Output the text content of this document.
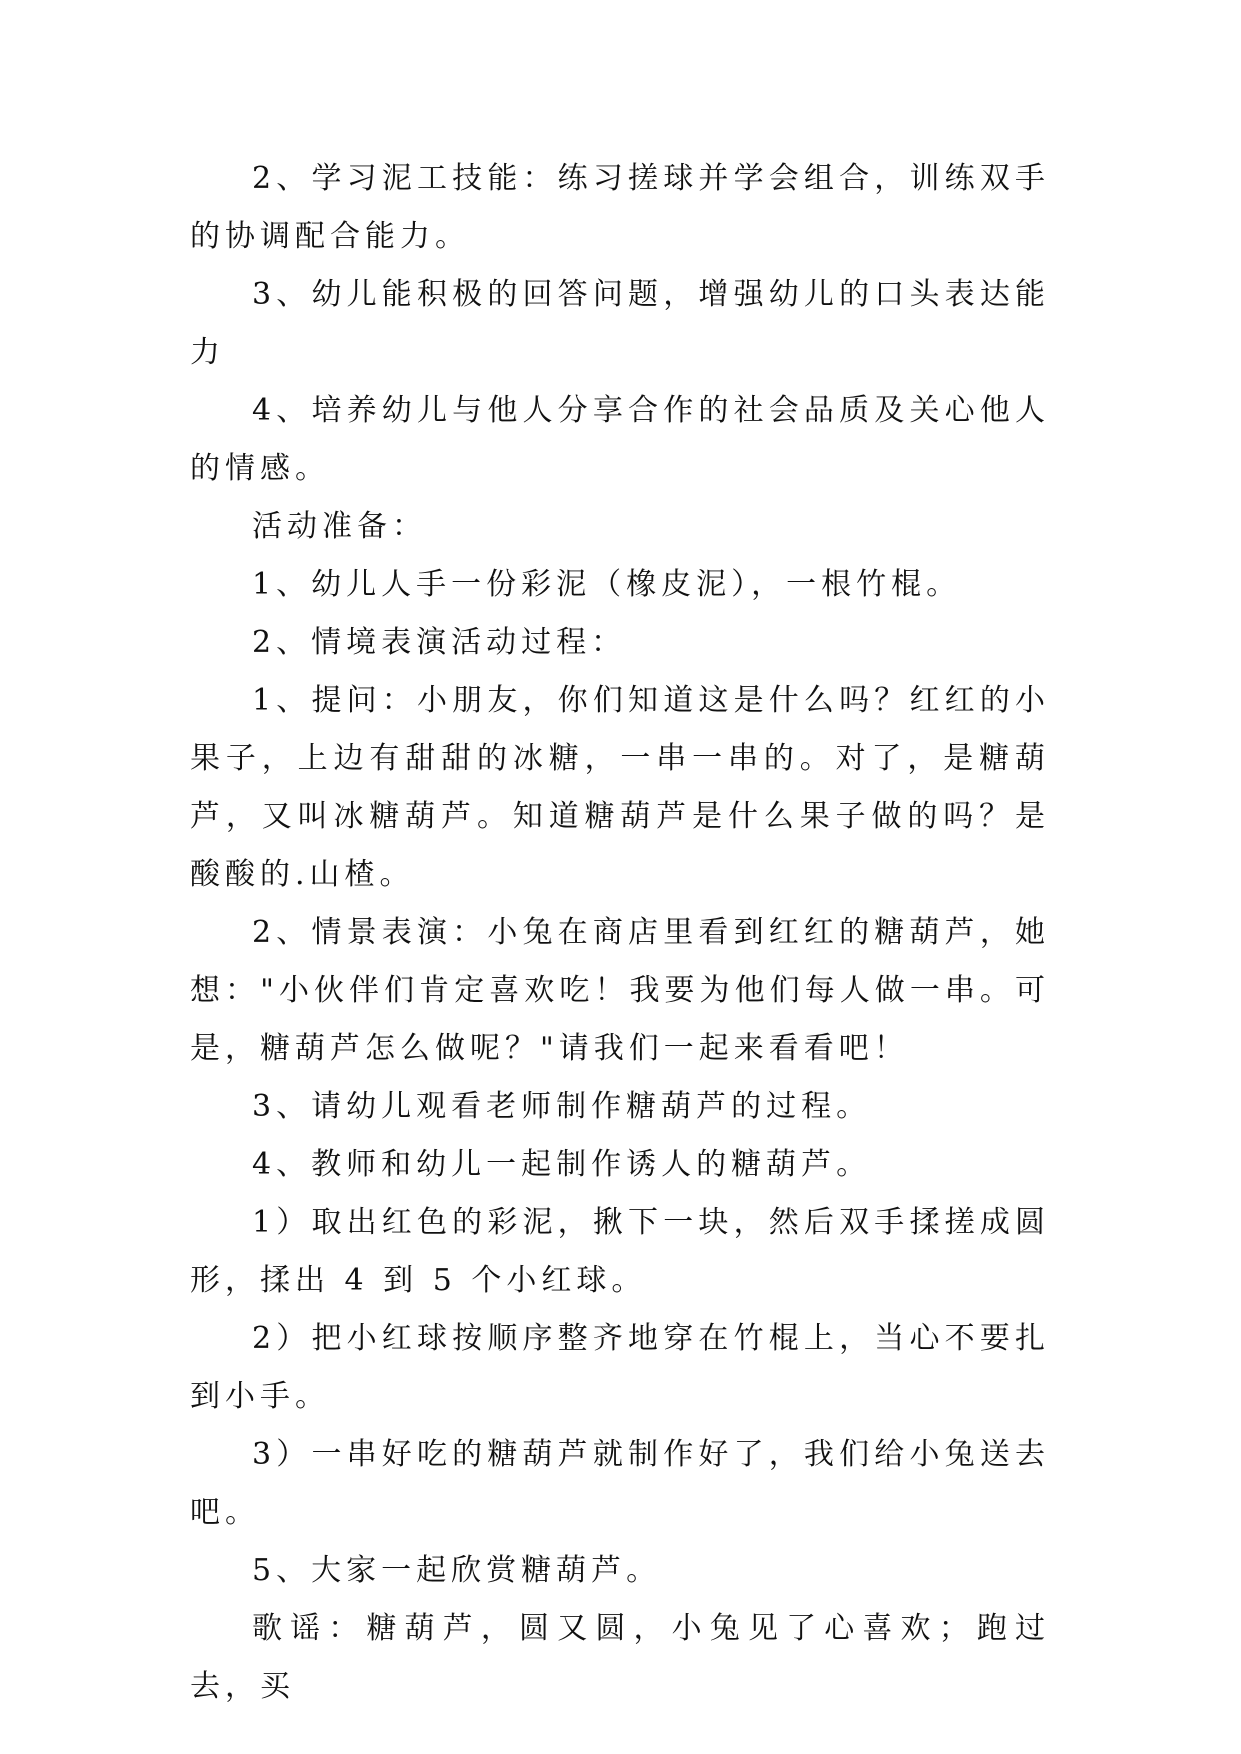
2、学习泥工技能：练习搓球并学会组合，训练双手的协调配合能力。

3、幼儿能积极的回答问题，增强幼儿的口头表达能力

4、培养幼儿与他人分享合作的社会品质及关心他人的情感。

活动准备：

1、幼儿人手一份彩泥（橡皮泥），一根竹棍。

2、情境表演活动过程：

1、提问：小朋友，你们知道这是什么吗？红红的小果子，上边有甜甜的冰糖，一串一串的。对了，是糖葫芦，又叫冰糖葫芦。知道糖葫芦是什么果子做的吗？是酸酸的.山楂。

2、情景表演：小兔在商店里看到红红的糖葫芦，她想："小伙伴们肯定喜欢吃！我要为他们每人做一串。可是，糖葫芦怎么做呢？"请我们一起来看看吧！

3、请幼儿观看老师制作糖葫芦的过程。

4、教师和幼儿一起制作诱人的糖葫芦。

1）取出红色的彩泥，揪下一块，然后双手揉搓成圆形，揉出 4 到 5 个小红球。

2）把小红球按顺序整齐地穿在竹棍上，当心不要扎到小手。

3）一串好吃的糖葫芦就制作好了，我们给小兔送去吧。

5、大家一起欣赏糖葫芦。

歌谣：糖葫芦，圆又圆，小兔见了心喜欢；跑过去，买
